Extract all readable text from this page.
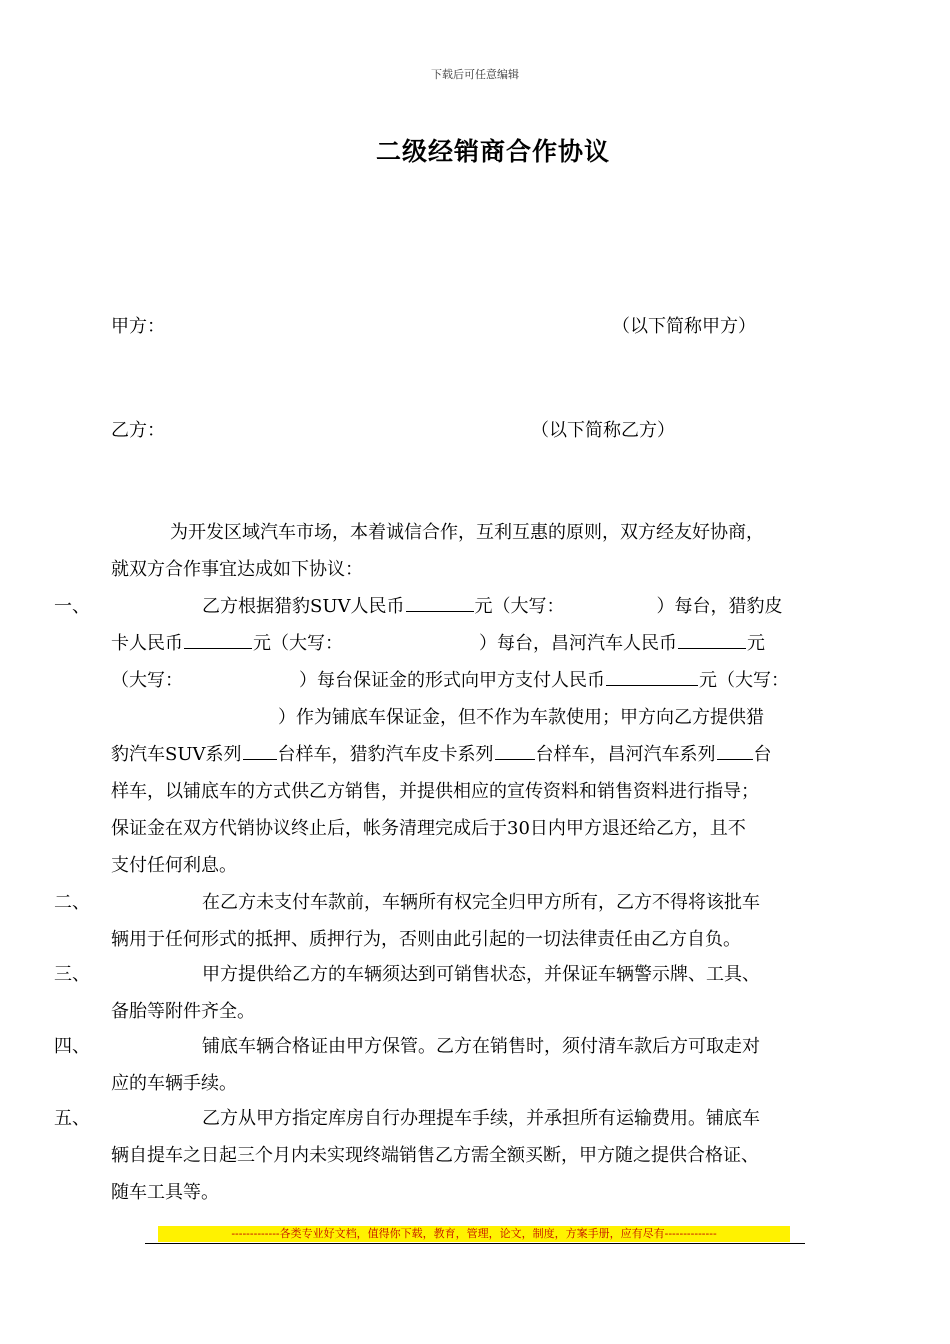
下载后可任意编辑
二级经销商合作协议
甲方：	（以下简称甲方）
乙方：	（以下简称乙方）
为开发区域汽车市场，本着诚信合作，互利互惠的原则，双方经友好协商，
就双方合作事宜达成如下协议：
一、	乙方根据猎豹SUV人民币	元（大写：	）每台，猎豹皮
卡人民币	元（大写：	）每台，昌河汽车人民币	元
（大写：	）每台保证金的形式向甲方支付人民币	元（大写：
）作为铺底车保证金，但不作为车款使用；甲方向乙方提供猎
豹汽车SUV系列 台样车，猎豹汽车皮卡系列 台样车，昌河汽车系列 台
样车，以铺底车的方式供乙方销售，并提供相应的宣传资料和销售资料进行指导；
保证金在双方代销协议终止后，帐务清理完成后于30日内甲方退还给乙方，且不
支付任何利息。
二、	在乙方未支付车款前，车辆所有权完全归甲方所有，乙方不得将该批车
辆用于任何形式的抵押、质押行为，否则由此引起的一切法律责任由乙方自负。
三、	甲方提供给乙方的车辆须达到可销售状态，并保证车辆警示牌、工具、
备胎等附件齐全。
四、	铺底车辆合格证由甲方保管。乙方在销售时，须付清车款后方可取走对
应的车辆手续。
五、	乙方从甲方指定库房自行办理提车手续，并承担所有运输费用。铺底车
辆自提车之日起三个月内未实现终端销售乙方需全额买断，甲方随之提供合格证、
随车工具等。
-------------各类专业好文档，值得你下载，教育，管理，论文，制度，方案手册，应有尽有--------------
